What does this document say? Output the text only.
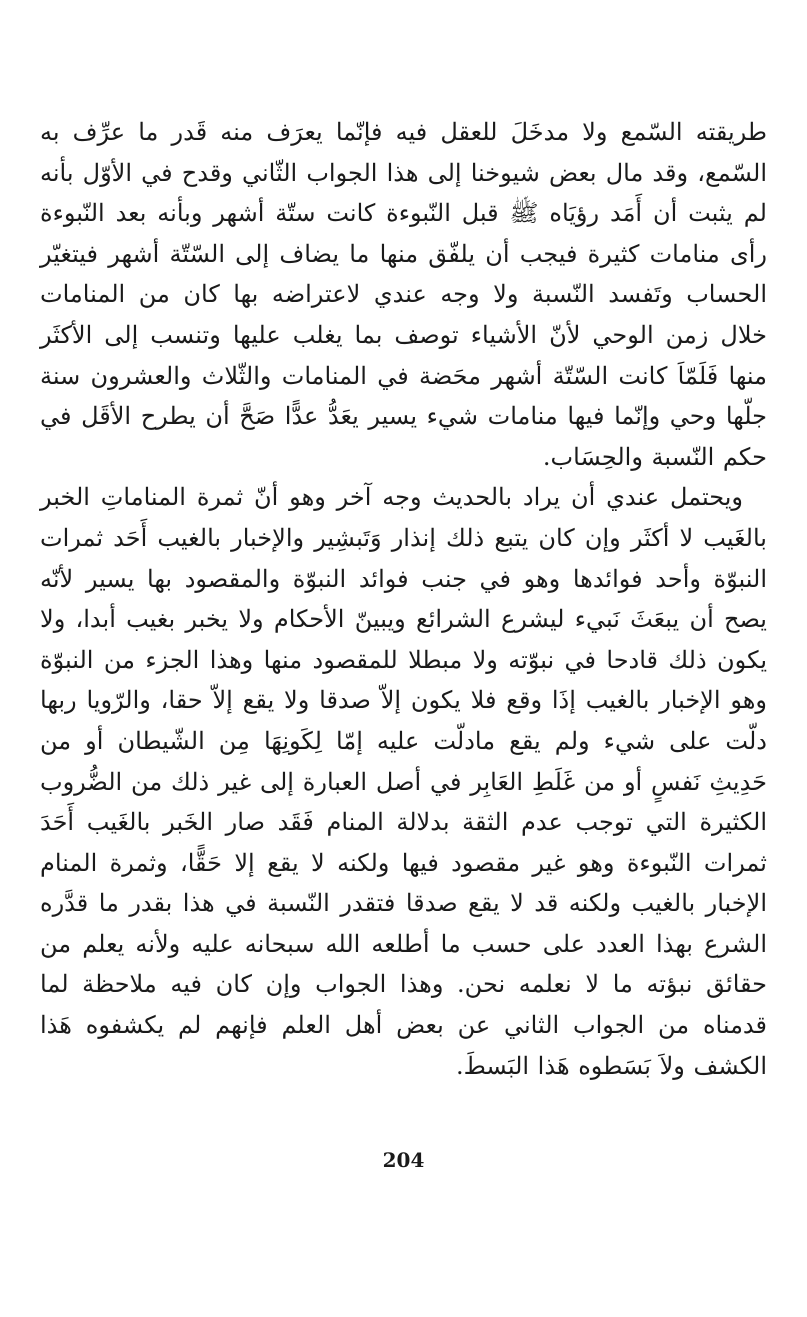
طريقته السّمع ولا مدخَلَ للعقل فيه فإنّما يعرَف منه قَدر ما عرِّف به السّمع، وقد مال بعض شيوخنا إلى هذا الجواب الثّاني وقدح في الأوّل بأنه لم يثبت أن أَمَد رؤيَاه ﷺ قبل النّبوءة كانت ستّة أشهر وبأنه بعد النّبوءة رأى منامات كثيرة فيجب أن يلفّق منها ما يضاف إلى السّتّة أشهر فيتغيّر الحساب وتَفسد النّسبة ولا وجه عندي لاعتراضه بها كان من المنامات خلال زمن الوحي لأنّ الأشياء توصف بما يغلب عليها وتنسب إلى الأكثَر منها فَلَمّاَ كانت السّتّة أشهر محَضة في المنامات والثّلاث والعشرون سنة جلّها وحي وإنّما فيها منامات شيء يسير يعَدُّ عدًّا صَحَّ أن يطرح الأقَل في حكم النّسبة والحِسَاب.

ويحتمل عندي أن يراد بالحديث وجه آخر وهو أنّ ثمرة المناماتِ الخبر بالغَيب لا أكثَر وإن كان يتبع ذلك إنذار وَتَبشِير والإخبار بالغيب أَحَد ثمرات النبوّة وأحد فوائدها وهو في جنب فوائد النبوّة والمقصود بها يسير لأنّه يصح أن يبعَثَ نَبيء ليشرع الشرائع ويبينّ الأحكام ولا يخبر بغيب أبدا، ولا يكون ذلك قادحا في نبوّته ولا مبطلا للمقصود منها وهذا الجزء من النبوّة وهو الإخبار بالغيب إذَا وقع فلا يكون إلاّ صدقا ولا يقع إلاّ حقا، والرّويا ربها دلّت على شيء ولم يقع مادلّت عليه إمّا لِكَونِهَا مِن الشّيطان أو من حَدِيثِ نَفسٍ أو من غَلَطِ العَابِر في أصل العبارة إلى غير ذلك من الضُّروب الكثيرة التي توجب عدم الثقة بدلالة المنام فَقَد صار الخَبر بالغَيب أَحَدَ ثمرات النّبوءة وهو غير مقصود فيها ولكنه لا يقع إلا حَقًّا، وثمرة المنام الإخبار بالغيب ولكنه قد لا يقع صدقا فتقدر النّسبة في هذا بقدر ما قدَّره الشرع بهذا العدد على حسب ما أطلعه الله سبحانه عليه ولأنه يعلم من حقائق نبؤته ما لا نعلمه نحن. وهذا الجواب وإن كان فيه ملاحظة لما قدمناه من الجواب الثاني عن بعض أهل العلم فإنهم لم يكشفوه هَذا الكشف ولاَ بَسَطوه هَذا البَسطَ.

204
